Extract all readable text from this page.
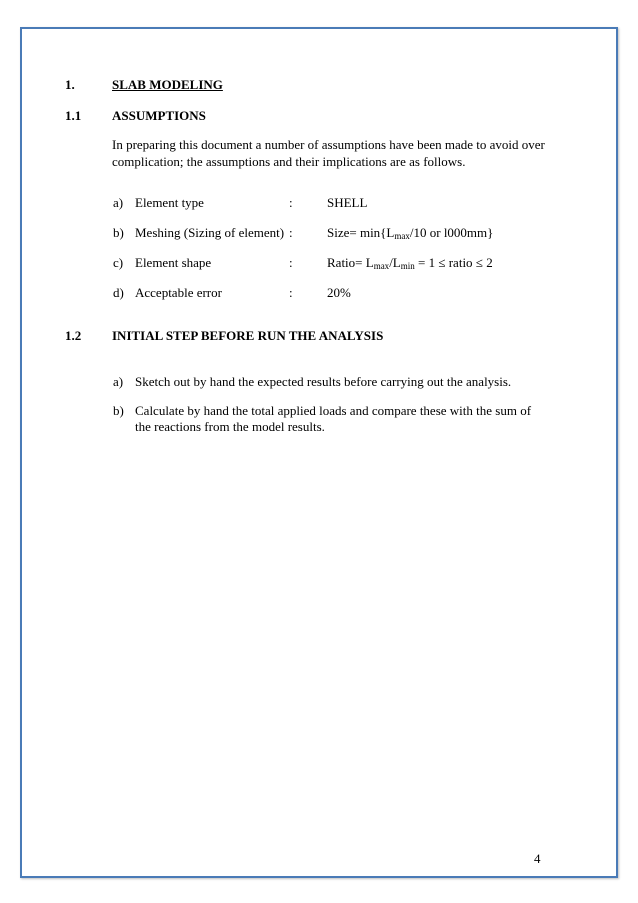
1.	SLAB MODELING
1.1 ASSUMPTIONS
In preparing this document a number of assumptions have been made to avoid over
complication; the assumptions and their implications are as follows.
a) Element type	:	SHELL
b) Meshing (Sizing of element) :	Size= $\min\{L_{max}/10$ or l000mm}
c) Element shape	:	Ratio= $L_{max}/L_{min} = 1$ ≤ ratio ≤ 2
d) Acceptable error	:	20%
1.2 INITIAL STEP BEFORE RUN THE ANALYSIS
a) Sketch out by hand the expected results before carrying out the analysis.
b) Calculate by hand the total applied loads and compare these with the sum of
the reactions from the model results.
4
